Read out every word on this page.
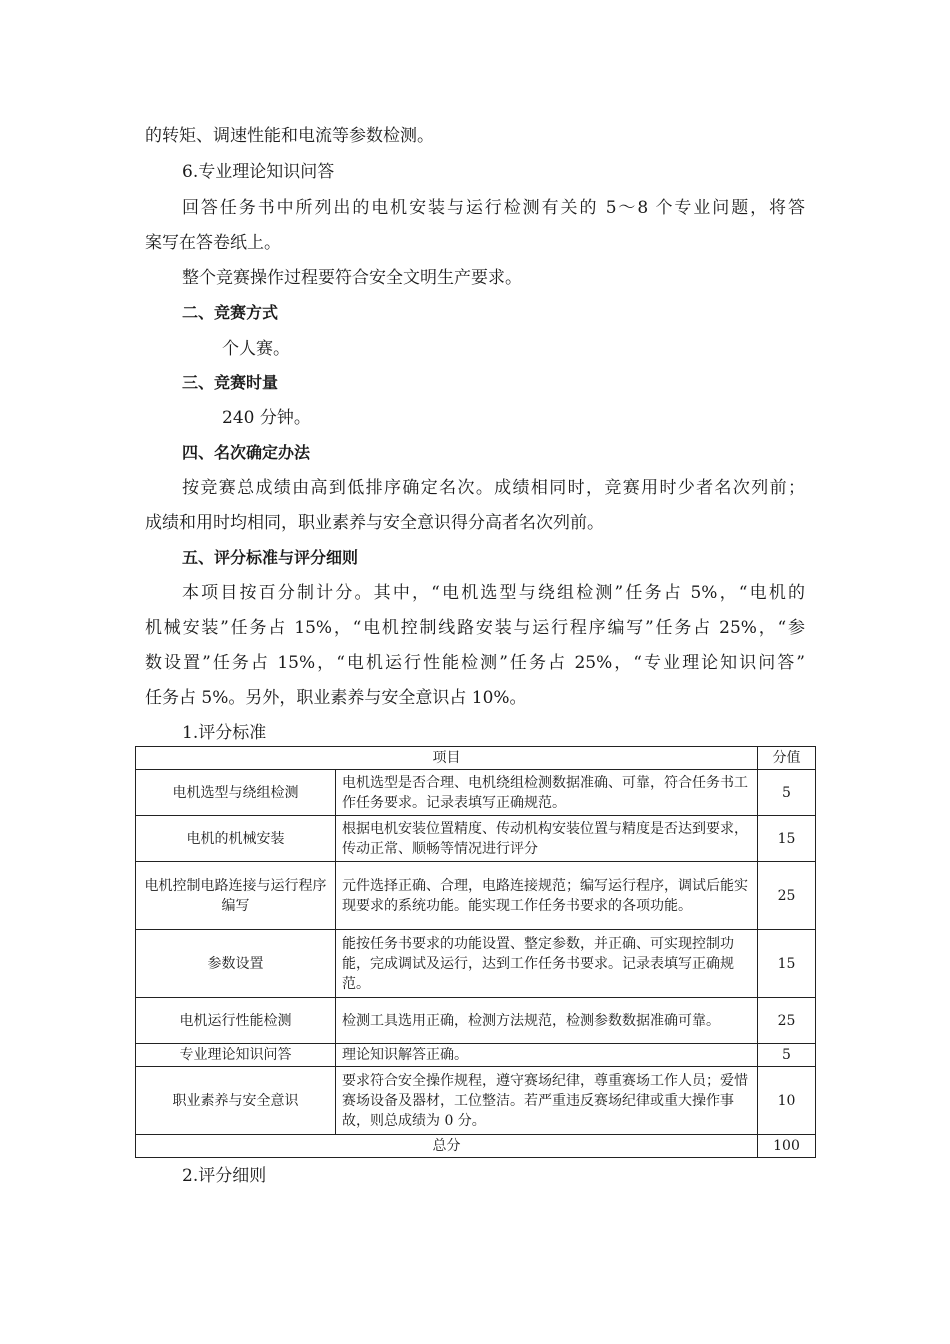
的转矩、调速性能和电流等参数检测。
6.专业理论知识问答
回答任务书中所列出的电机安装与运行检测有关的 5～8 个专业问题，将答
案写在答卷纸上。
整个竞赛操作过程要符合安全文明生产要求。
二、竞赛方式
个人赛。
三、竞赛时量
240 分钟。
四、名次确定办法
按竞赛总成绩由高到低排序确定名次。成绩相同时，竞赛用时少者名次列前；
成绩和用时均相同，职业素养与安全意识得分高者名次列前。
五、评分标准与评分细则
本项目按百分制计分。其中，“电机选型与绕组检测”任务占 5%，“电机的
机械安装”任务占 15%，“电机控制线路安装与运行程序编写”任务占 25%，“参
数设置”任务占 15%，“电机运行性能检测”任务占 25%，“专业理论知识问答”
任务占 5%。另外，职业素养与安全意识占 10%。
1.评分标准
项目		分值
电机选型与绕组检测	电机选型是否合理、电机绕组检测数据准确、可靠，符合任务书工作任务要求。记录表填写正确规范。	5
电机的机械安装	根据电机安装位置精度、传动机构安装位置与精度是否达到要求，传动正常、顺畅等情况进行评分	15
电机控制电路连接与运行程序编写	元件选择正确、合理，电路连接规范；编写运行程序，调试后能实现要求的系统功能。能实现工作任务书要求的各项功能。	25
参数设置	能按任务书要求的功能设置、整定参数，并正确、可实现控制功能，完成调试及运行，达到工作任务书要求。记录表填写正确规范。	15
电机运行性能检测	检测工具选用正确，检测方法规范，检测参数数据准确可靠。	25
专业理论知识问答	理论知识解答正确。	5
职业素养与安全意识	要求符合安全操作规程，遵守赛场纪律，尊重赛场工作人员；爱惜赛场设备及器材，工位整洁。若严重违反赛场纪律或重大操作事故，则总成绩为 0 分。	10
总分		100
2.评分细则
